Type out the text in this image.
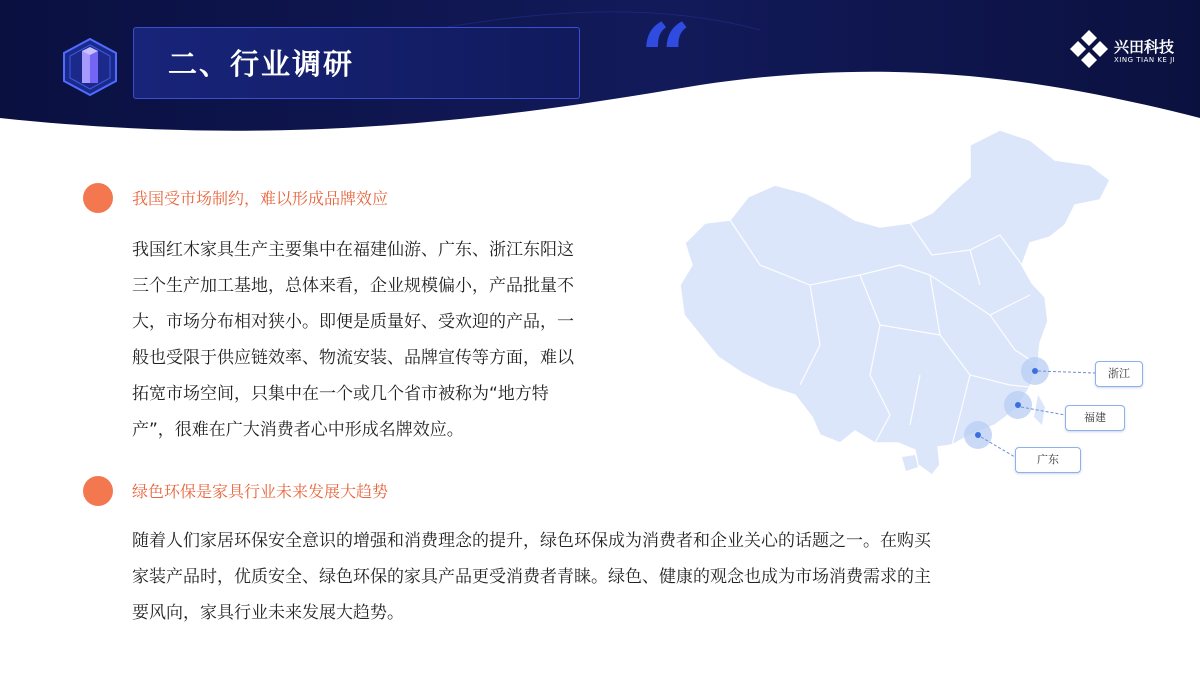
二、行业调研	“	兴田科技
XING TIAN KE JI
我国受市场制约，难以形成品牌效应
我国红木家具生产主要集中在福建仙游、广东、浙江东阳这
三个生产加工基地，总体来看，企业规模偏小，产品批量不
大，市场分布相对狭小。即便是质量好、受欢迎的产品，一
般也受限于供应链效率、物流安装、品牌宣传等方面，难以
拓宽市场空间，只集中在一个或几个省市被称为“地方特
产”，很难在广大消费者心中形成名牌效应。
绿色环保是家具行业未来发展大趋势
随着人们家居环保安全意识的增强和消费理念的提升，绿色环保成为消费者和企业关心的话题之一。在购买
家装产品时，优质安全、绿色环保的家具产品更受消费者青睐。绿色、健康的观念也成为市场消费需求的主
要风向，家具行业未来发展大趋势。
浙江
福建
广东
